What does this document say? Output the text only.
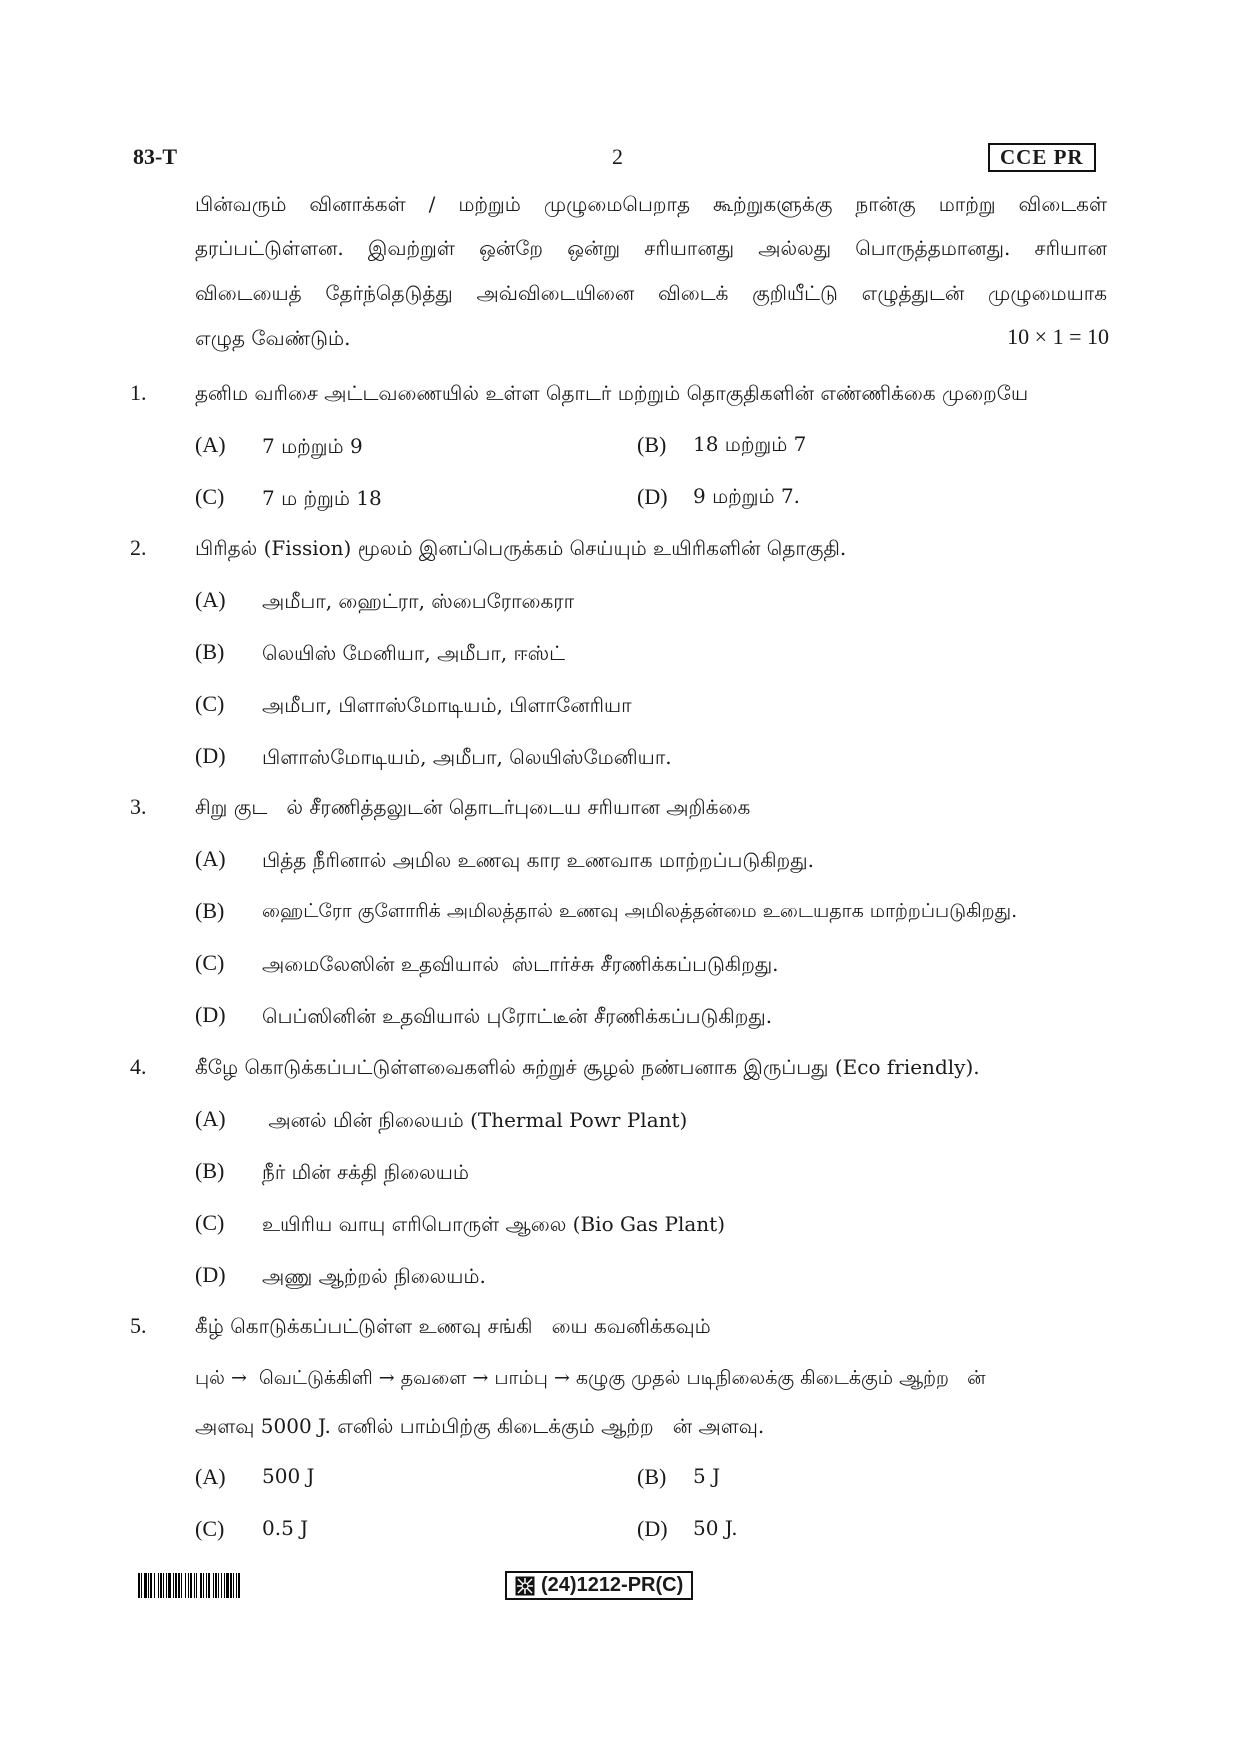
83-T	2	CCE PR
பின்வரும் வினாக்கள் / மற்றும் முழுமைபெறாத கூற்றுகளுக்கு நான்கு மாற்று விடைகள்
தரப்பட்டுள்ளன. இவற்றுள் ஒன்றே ஒன்று சரியானது அல்லது பொருத்தமானது. சரியான
விடையைத் தேர்ந்தெடுத்து அவ்விடையினை விடைக் குறியீட்டு எழுத்துடன் முழுமையாக
எழுத வேண்டும்.	10 × 1 = 10
1. தனிம வரிசை அட்டவணையில் உள்ள தொடர் மற்றும் தொகுதிகளின் எண்ணிக்கை முறையே
(A) 7 மற்றும் 9	(B) 18 மற்றும் 7
(C) 7 ம ற்றும் 18	(D) 9 மற்றும் 7.
2. பிரிதல் (Fission) மூலம் இனப்பெருக்கம் செய்யும் உயிரிகளின் தொகுதி.
(A) அமீபா, ஹைட்ரா, ஸ்பைரோகைரா
(B) லெயிஸ் மேனியா, அமீபா, ஈஸ்ட்
(C) அமீபா, பிளாஸ்மோடியம், பிளானேரியா
(D) பிளாஸ்மோடியம், அமீபா, லெயிஸ்மேனியா.
3. சிறு குட   ல் சீரணித்தலுடன் தொடர்புடைய சரியான அறிக்கை
(A) பித்த நீரினால் அமில உணவு கார உணவாக மாற்றப்படுகிறது.
(B) ஹைட்ரோ குளோரிக் அமிலத்தால் உணவு அமிலத்தன்மை உடையதாக மாற்றப்படுகிறது.
(C) அமைலேஸின் உதவியால்  ஸ்டார்ச்சு சீரணிக்கப்படுகிறது.
(D) பெப்ஸினின் உதவியால் புரோட்டீன் சீரணிக்கப்படுகிறது.
4. கீழே கொடுக்கப்பட்டுள்ளவைகளில் சுற்றுச் சூழல் நண்பனாக இருப்பது (Eco friendly).
(A) அனல் மின் நிலையம் (Thermal Powr Plant)
(B) நீர் மின் சக்தி நிலையம்
(C) உயிரிய வாயு எரிபொருள் ஆலை (Bio Gas Plant)
(D) அணு ஆற்றல் நிலையம்.
5. கீழ் கொடுக்கப்பட்டுள்ள உணவு சங்கி   யை கவனிக்கவும்
புல் →  வெட்டுக்கிளி → தவளை → பாம்பு → கழுகு முதல் படிநிலைக்கு கிடைக்கும் ஆற்ற   ன்
அளவு 5000 J. எனில் பாம்பிற்கு கிடைக்கும் ஆற்ற   ன் அளவு.
(A) 500 J	(B) 5 J
(C) 0.5 J	(D) 50 J.
(24)1212-PR(C)
